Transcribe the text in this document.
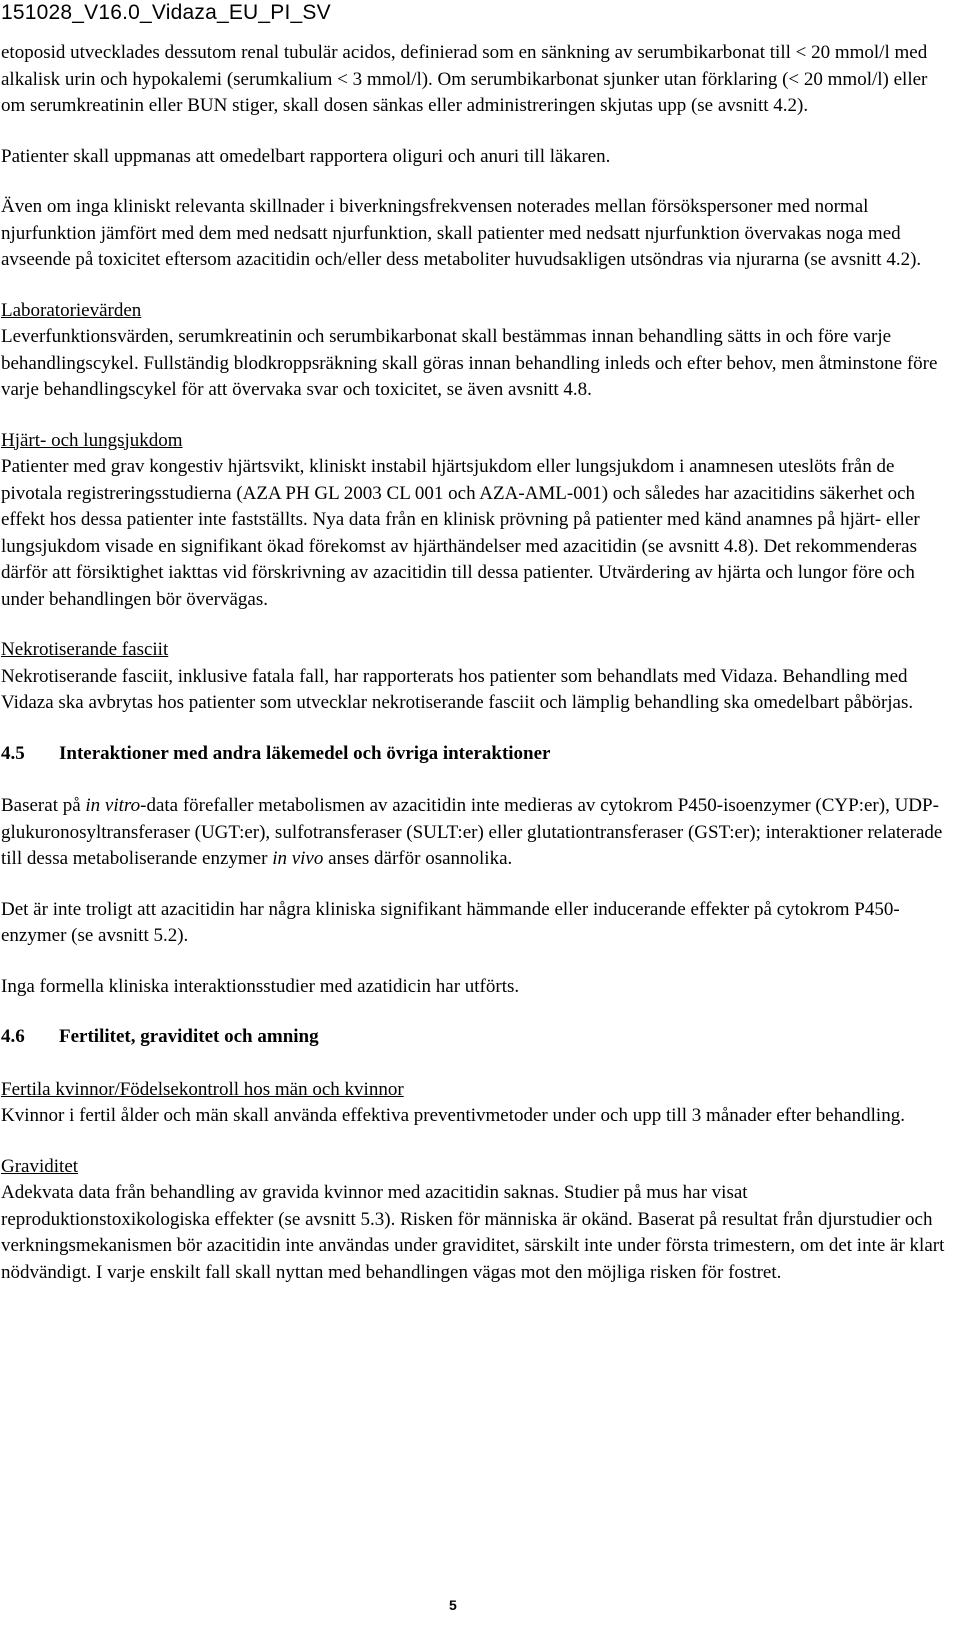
151028_V16.0_Vidaza_EU_PI_SV

etoposid utvecklades dessutom renal tubulär acidos, definierad som en sänkning av serumbikarbonat till < 20 mmol/l med alkalisk urin och hypokalemi (serumkalium < 3 mmol/l). Om serumbikarbonat sjunker utan förklaring (< 20 mmol/l) eller om serumkreatinin eller BUN stiger, skall dosen sänkas eller administreringen skjutas upp (se avsnitt 4.2).

Patienter skall uppmanas att omedelbart rapportera oliguri och anuri till läkaren.

Även om inga kliniskt relevanta skillnader i biverkningsfrekvensen noterades mellan försökspersoner med normal njurfunktion jämfört med dem med nedsatt njurfunktion, skall patienter med nedsatt njurfunktion övervakas noga med avseende på toxicitet eftersom azacitidin och/eller dess metaboliter huvudsakligen utsöndras via njurarna (se avsnitt 4.2).

Laboratorievärden
Leverfunktionsvärden, serumkreatinin och serumbikarbonat skall bestämmas innan behandling sätts in och före varje behandlingscykel. Fullständig blodkroppsräkning skall göras innan behandling inleds och efter behov, men åtminstone före varje behandlingscykel för att övervaka svar och toxicitet, se även avsnitt 4.8.
Hjärt- och lungsjukdom
Patienter med grav kongestiv hjärtsvikt, kliniskt instabil hjärtsjukdom eller lungsjukdom i anamnesen uteslöts från de pivotala registreringsstudierna (AZA PH GL 2003 CL 001 och AZA-AML-001) och således har azacitidins säkerhet och effekt hos dessa patienter inte fastställts. Nya data från en klinisk prövning på patienter med känd anamnes på hjärt- eller lungsjukdom visade en signifikant ökad förekomst av hjärthändelser med azacitidin (se avsnitt 4.8). Det rekommenderas därför att försiktighet iakttas vid förskrivning av azacitidin till dessa patienter. Utvärdering av hjärta och lungor före och under behandlingen bör övervägas.
Nekrotiserande fasciit
Nekrotiserande fasciit, inklusive fatala fall, har rapporterats hos patienter som behandlats med Vidaza. Behandling med Vidaza ska avbrytas hos patienter som utvecklar nekrotiserande fasciit och lämplig behandling ska omedelbart påbörjas.
4.5 Interaktioner med andra läkemedel och övriga interaktioner

Baserat på in vitro-data förefaller metabolismen av azacitidin inte medieras av cytokrom P450-isoenzymer (CYP:er), UDP-glukuronosyltransferaser (UGT:er), sulfotransferaser (SULT:er) eller glutationtransferaser (GST:er); interaktioner relaterade till dessa metaboliserande enzymer in vivo anses därför osannolika.

Det är inte troligt att azacitidin har några kliniska signifikant hämmande eller inducerande effekter på cytokrom P450-enzymer (se avsnitt 5.2).

Inga formella kliniska interaktionsstudier med azatidicin har utförts.

4.6 Fertilitet, graviditet och amning
Fertila kvinnor/Födelsekontroll hos män och kvinnor
Kvinnor i fertil ålder och män skall använda effektiva preventivmetoder under och upp till 3 månader efter behandling.
Graviditet
Adekvata data från behandling av gravida kvinnor med azacitidin saknas. Studier på mus har visat reproduktionstoxikologiska effekter (se avsnitt 5.3). Risken för människa är okänd. Baserat på resultat från djurstudier och verkningsmekanismen bör azacitidin inte användas under graviditet, särskilt inte under första trimestern, om det inte är klart nödvändigt. I varje enskilt fall skall nyttan med behandlingen vägas mot den möjliga risken för fostret.
5
